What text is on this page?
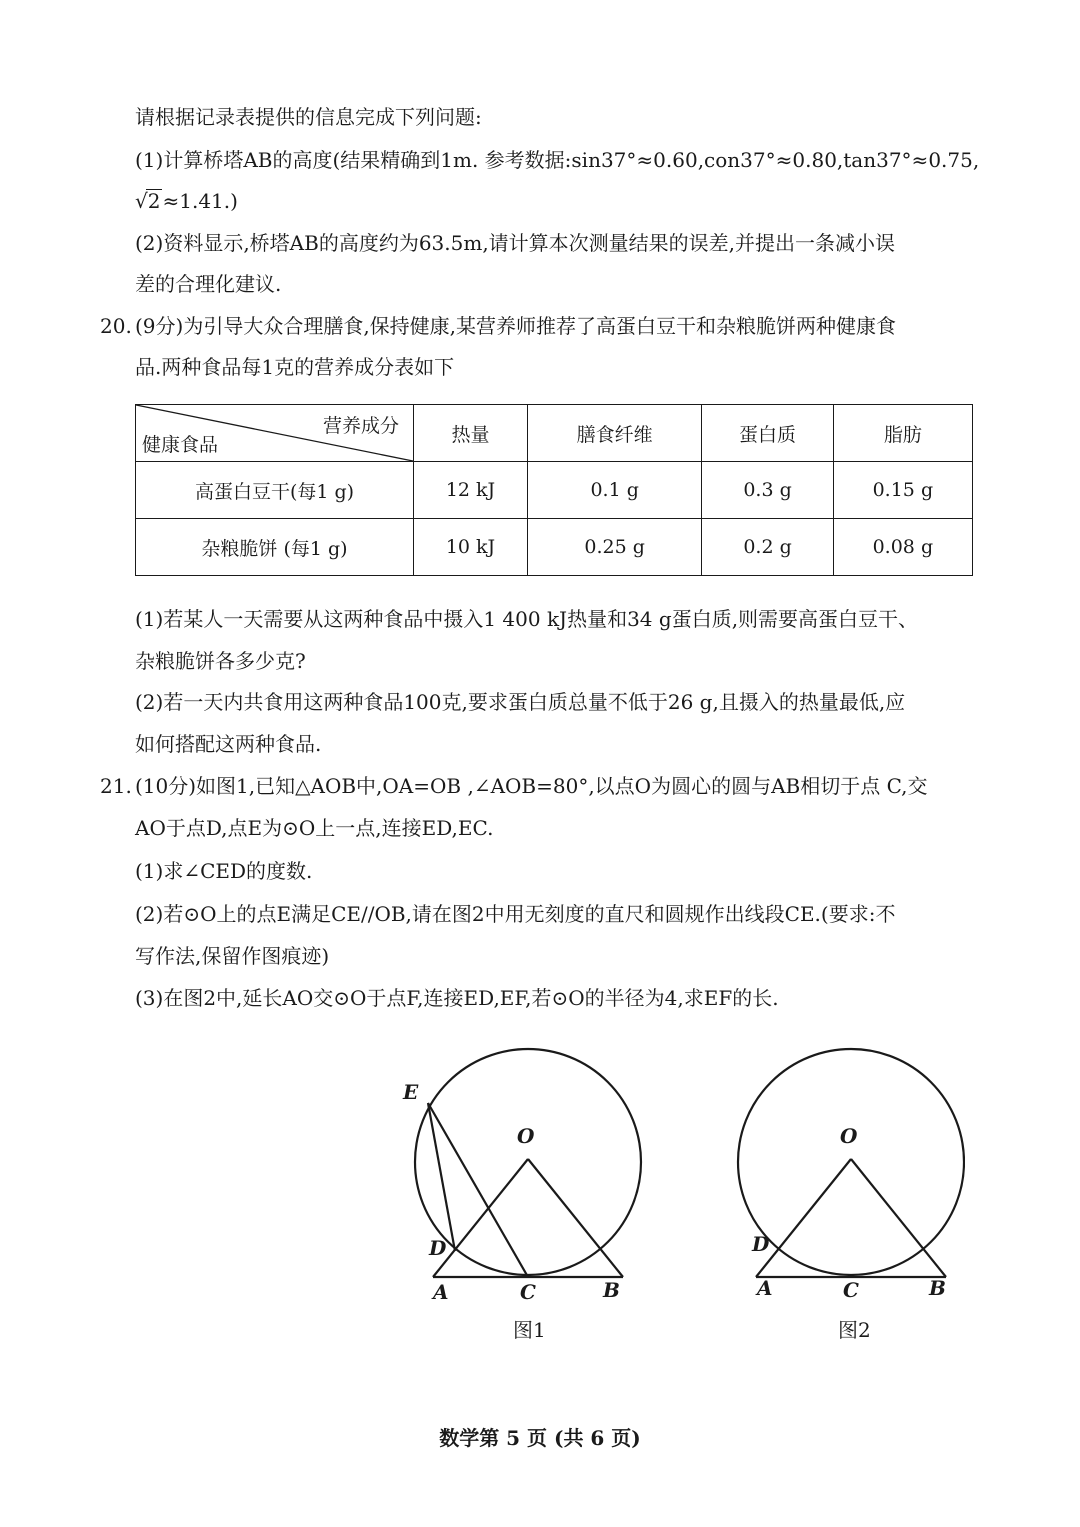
请根据记录表提供的信息完成下列问题:
(1)计算桥塔AB的高度(结果精确到1m. 参考数据:sin37°≈0.60,con37°≈0.80,tan37°≈0.75,
√2 ≈1.41.)
(2)资料显示,桥塔AB的高度约为63.5m,请计算本次测量结果的误差,并提出一条减小误
差的合理化建议.
20. (9分)为引导大众合理膳食,保持健康,某营养师推荐了高蛋白豆干和杂粮脆饼两种健康食
品.两种食品每1克的营养成分表如下
营养成分
健康食品	热量	膳食纤维	蛋白质	脂肪
高蛋白豆干(每1 g)	12 kJ	0.1 g	0.3 g	0.15 g
杂粮脆饼 (每1 g)	10 kJ	0.25 g	0.2 g	0.08 g
(1)若某人一天需要从这两种食品中摄入1 400 kJ热量和34 g蛋白质,则需要高蛋白豆干、
杂粮脆饼各多少克?
(2)若一天内共食用这两种食品100克,要求蛋白质总量不低于26 g,且摄入的热量最低,应
如何搭配这两种食品.
21. (10分)如图1,已知△AOB中,OA=OB ,∠AOB=80°,以点O为圆心的圆与AB相切于点 C,交
AO于点D,点E为⊙O上一点,连接ED,EC.
(1)求∠CED的度数.
(2)若⊙O上的点E满足CE//OB,请在图2中用无刻度的直尺和圆规作出线段CE.(要求:不
写作法,保留作图痕迹)
(3)在图2中,延长AO交⊙O于点F,连接ED,EF,若⊙O的半径为4,求EF的长.
E
O
D
A	C	B
图1
O
D
A	C	B
图2
数学第 5 页 (共 6 页)
